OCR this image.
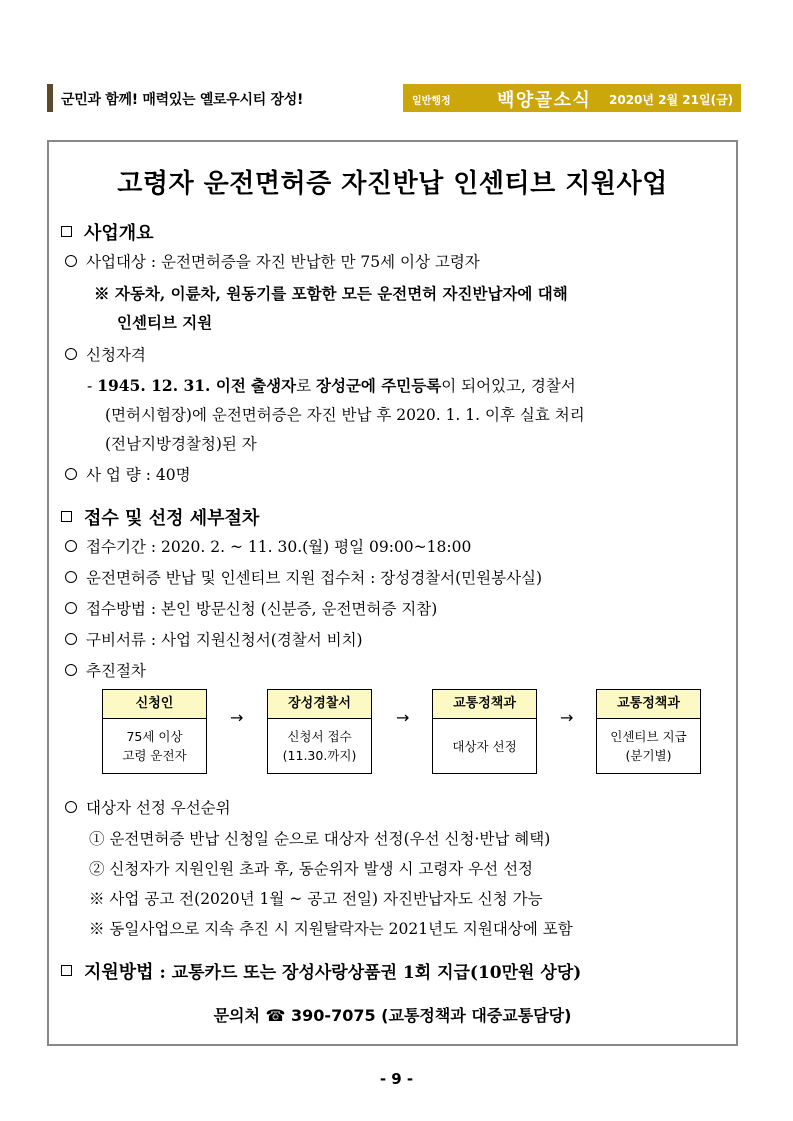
군민과 함께! 매력있는 옐로우시티 장성!	일반행정	백양골소식 2020년 2월 21일(금)
고령자 운전면허증 자진반납 인센티브 지원사업
사업개요
사업대상 : 운전면허증을 자진 반납한 만 75세 이상 고령자
※ 자동차, 이륜차, 원동기를 포함한 모든 운전면허 자진반납자에 대해
인센티브 지원
신청자격
- 1945. 12. 31. 이전 출생자로 장성군에 주민등록이 되어있고, 경찰서
(면허시험장)에 운전면허증은 자진 반납 후 2020. 1. 1. 이후 실효 처리
(전남지방경찰청)된 자
사 업 량 : 40명
접수 및 선정 세부절차
접수기간 : 2020. 2. ~ 11. 30.(월) 평일 09:00~18:00
운전면허증 반납 및 인센티브 지원 접수처 : 장성경찰서(민원봉사실)
접수방법 : 본인 방문신청 (신분증, 운전면허증 지참)
구비서류 : 사업 지원신청서(경찰서 비치)
추진절차
신청인
75세 이상
고령 운전자
→
장성경찰서
신청서 접수
(11.30.까지)
→
교통정책과
대상자 선정
→
교통정책과
인센티브 지급
(분기별)
대상자 선정 우선순위
① 운전면허증 반납 신청일 순으로 대상자 선정(우선 신청·반납 혜택)
② 신청자가 지원인원 초과 후, 동순위자 발생 시 고령자 우선 선정
※ 사업 공고 전(2020년 1월 ~ 공고 전일) 자진반납자도 신청 가능
※ 동일사업으로 지속 추진 시 지원탈락자는 2021년도 지원대상에 포함
지원방법 : 교통카드 또는 장성사랑상품권 1회 지급(10만원 상당)
문의처 ☎ 390-7075 (교통정책과 대중교통담당)
- 9 -
